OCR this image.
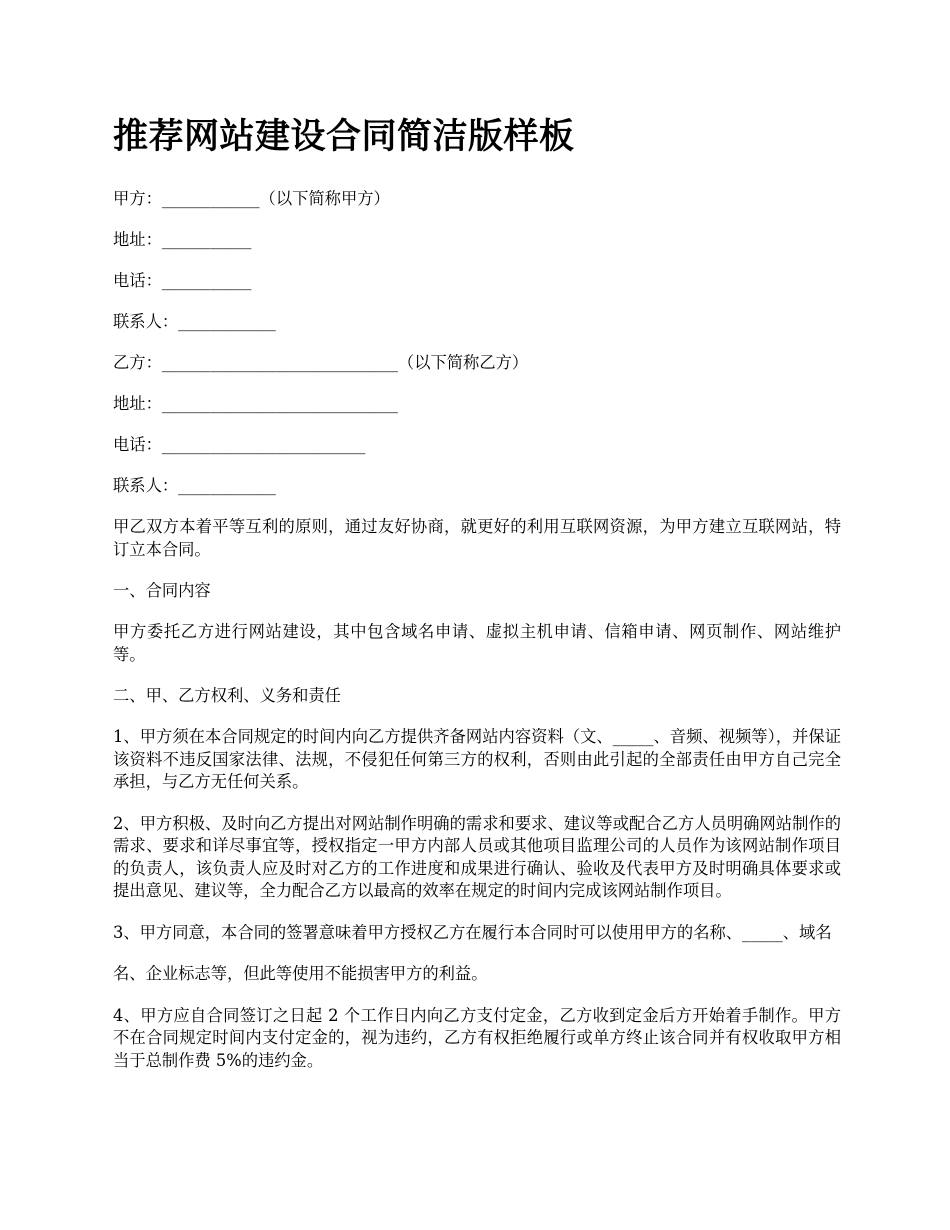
推荐网站建设合同简洁版样板

甲方：____________（以下简称甲方）

地址：___________

电话：___________

联系人：____________

乙方：_____________________________（以下简称乙方）

地址：_____________________________

电话：_________________________

联系人：____________

甲乙双方本着平等互利的原则，通过友好协商，就更好的利用互联网资源，为甲方建立互联网站，特订立本合同。

一、合同内容

甲方委托乙方进行网站建设，其中包含域名申请、虚拟主机申请、信箱申请、网页制作、网站维护等。

二、甲、乙方权利、义务和责任

1、甲方须在本合同规定的时间内向乙方提供齐备网站内容资料（文、_____、音频、视频等），并保证该资料不违反国家法律、法规，不侵犯任何第三方的权利，否则由此引起的全部责任由甲方自己完全承担，与乙方无任何关系。

2、甲方积极、及时向乙方提出对网站制作明确的需求和要求、建议等或配合乙方人员明确网站制作的需求、要求和详尽事宜等，授权指定一甲方内部人员或其他项目监理公司的人员作为该网站制作项目的负责人，该负责人应及时对乙方的工作进度和成果进行确认、验收及代表甲方及时明确具体要求或提出意见、建议等，全力配合乙方以最高的效率在规定的时间内完成该网站制作项目。

3、甲方同意，本合同的签署意味着甲方授权乙方在履行本合同时可以使用甲方的名称、_____、域名

名、企业标志等，但此等使用不能损害甲方的利益。

4、甲方应自合同签订之日起 2 个工作日内向乙方支付定金，乙方收到定金后方开始着手制作。甲方不在合同规定时间内支付定金的，视为违约，乙方有权拒绝履行或单方终止该合同并有权收取甲方相当于总制作费 5%的违约金。
